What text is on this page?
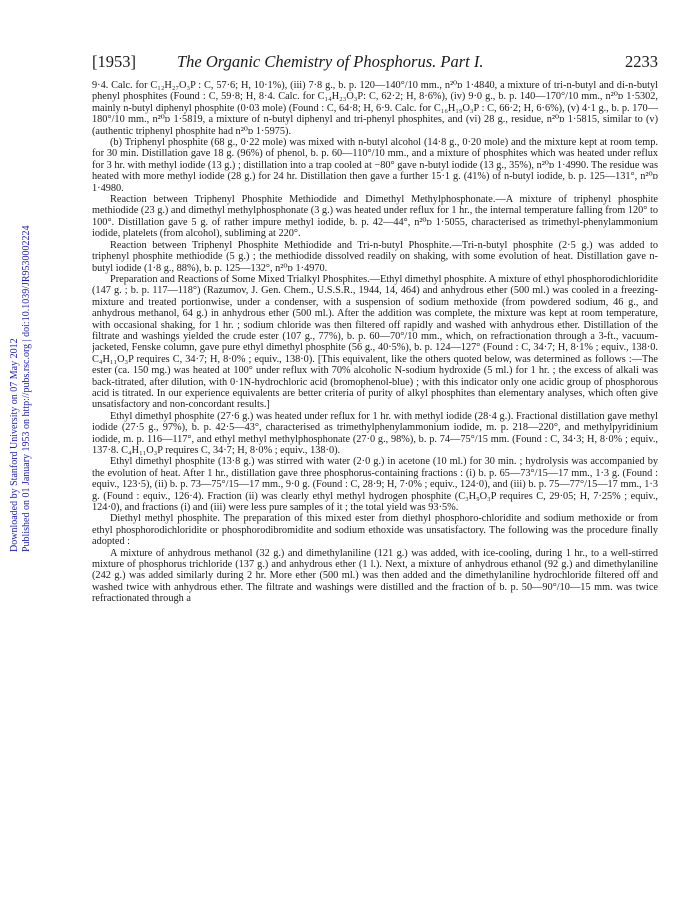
Downloaded by Stanford University on 07 May 2012 Published on 01 January 1953 on http://pubs.rsc.org | doi:10.1039/JR9530002224
[1953] The Organic Chemistry of Phosphorus. Part I.	2233

9·4. Calc. for C₁₂H₂₇O₃P : C, 57·6; H, 10·1%), (iii) 7·8 g., b. p. 120—140°/10 mm., n²⁰ᴅ 1·4840, a mixture of tri-n-butyl and di-n-butyl phenyl phosphites (Found : C, 59·8; H, 8·4. Calc. for C₁₄H₂₃O₃P: C, 62·2; H, 8·6%), (iv) 9·0 g., b. p. 140—170°/10 mm., n²⁰ᴅ 1·5302, mainly n-butyl diphenyl phosphite (0·03 mole) (Found : C, 64·8; H, 6·9. Calc. for C₁₆H₁₉O₃P : C, 66·2; H, 6·6%), (v) 4·1 g., b. p. 170—180°/10 mm., n²⁰ᴅ 1·5819, a mixture of n-butyl diphenyl and tri-phenyl phosphites, and (vi) 28 g., residue, n²⁰ᴅ 1·5815, similar to (v) (authentic triphenyl phosphite had n²⁰ᴅ 1·5975).

(b) Triphenyl phosphite (68 g., 0·22 mole) was mixed with n-butyl alcohol (14·8 g., 0·20 mole) and the mixture kept at room temp. for 30 min. Distillation gave 18 g. (96%) of phenol, b. p. 60—110°/10 mm., and a mixture of phosphites which was heated under reflux for 3 hr. with methyl iodide (13 g.) ; distillation into a trap cooled at −80° gave n-butyl iodide (13 g., 35%), n²⁰ᴅ 1·4990. The residue was heated with more methyl iodide (28 g.) for 24 hr. Distillation then gave a further 15·1 g. (41%) of n-butyl iodide, b. p. 125—131°, n²⁰ᴅ 1·4980.

Reaction between Triphenyl Phosphite Methiodide and Dimethyl Methylphosphonate.—A mixture of triphenyl phosphite methiodide (23 g.) and dimethyl methylphosphonate (3 g.) was heated under reflux for 1 hr., the internal temperature falling from 120° to 100°. Distillation gave 5 g. of rather impure methyl iodide, b. p. 42—44°, n²⁰ᴅ 1·5055, characterised as trimethyl-phenylammonium iodide, platelets (from alcohol), subliming at 220°.

Reaction between Triphenyl Phosphite Methiodide and Tri-n-butyl Phosphite.—Tri-n-butyl phosphite (2·5 g.) was added to triphenyl phosphite methiodide (5 g.) ; the methiodide dissolved readily on shaking, with some evolution of heat. Distillation gave n-butyl iodide (1·8 g., 88%), b. p. 125—132°, n²⁰ᴅ 1·4970.

Preparation and Reactions of Some Mixed Trialkyl Phosphites.—Ethyl dimethyl phosphite. A mixture of ethyl phosphorodichloridite (147 g. ; b. p. 117—118°) (Razumov, J. Gen. Chem., U.S.S.R., 1944, 14, 464) and anhydrous ether (500 ml.) was cooled in a freezing-mixture and treated portionwise, under a condenser, with a suspension of sodium methoxide (from powdered sodium, 46 g., and anhydrous methanol, 64 g.) in anhydrous ether (500 ml.). After the addition was complete, the mixture was kept at room temperature, with occasional shaking, for 1 hr. ; sodium chloride was then filtered off rapidly and washed with anhydrous ether. Distillation of the filtrate and washings yielded the crude ester (107 g., 77%), b. p. 60—70°/10 mm., which, on refractionation through a 3-ft., vacuum-jacketed, Fenske column, gave pure ethyl dimethyl phosphite (56 g., 40·5%), b. p. 124—127° (Found : C, 34·7; H, 8·1% ; equiv., 138·0. C₄H₁₁O₃P requires C, 34·7; H, 8·0% ; equiv., 138·0). [This equivalent, like the others quoted below, was determined as follows :—The ester (ca. 150 mg.) was heated at 100° under reflux with 70% alcoholic N-sodium hydroxide (5 ml.) for 1 hr. ; the excess of alkali was back-titrated, after dilution, with 0·1N-hydrochloric acid (bromophenol-blue) ; with this indicator only one acidic group of phosphorous acid is titrated. In our experience equivalents are better criteria of purity of alkyl phosphites than elementary analyses, which often give unsatisfactory and non-concordant results.]

Ethyl dimethyl phosphite (27·6 g.) was heated under reflux for 1 hr. with methyl iodide (28·4 g.). Fractional distillation gave methyl iodide (27·5 g., 97%), b. p. 42·5—43°, characterised as trimethylphenylammonium iodide, m. p. 218—220°, and methylpyridinium iodide, m. p. 116—117°, and ethyl methyl methylphosphonate (27·0 g., 98%), b. p. 74—75°/15 mm. (Found : C, 34·3; H, 8·0% ; equiv., 137·8. C₄H₁₁O₃P requires C, 34·7; H, 8·0% ; equiv., 138·0).

Ethyl dimethyl phosphite (13·8 g.) was stirred with water (2·0 g.) in acetone (10 ml.) for 30 min. ; hydrolysis was accompanied by the evolution of heat. After 1 hr., distillation gave three phosphorus-containing fractions : (i) b. p. 65—73°/15—17 mm., 1·3 g. (Found : equiv., 123·5), (ii) b. p. 73—75°/15—17 mm., 9·0 g. (Found : C, 28·9; H, 7·0% ; equiv., 124·0), and (iii) b. p. 75—77°/15—17 mm., 1·3 g. (Found : equiv., 126·4). Fraction (ii) was clearly ethyl methyl hydrogen phosphite (C₃H₉O₃P requires C, 29·05; H, 7·25% ; equiv., 124·0), and fractions (i) and (iii) were less pure samples of it ; the total yield was 93·5%.

Diethyl methyl phosphite. The preparation of this mixed ester from diethyl phosphoro-chloridite and sodium methoxide or from ethyl phosphorodichloridite or phosphorodibromidite and sodium ethoxide was unsatisfactory. The following was the procedure finally adopted :

A mixture of anhydrous methanol (32 g.) and dimethylaniline (121 g.) was added, with ice-cooling, during 1 hr., to a well-stirred mixture of phosphorus trichloride (137 g.) and anhydrous ether (1 l.). Next, a mixture of anhydrous ethanol (92 g.) and dimethylaniline (242 g.) was added similarly during 2 hr. More ether (500 ml.) was then added and the dimethylaniline hydrochloride filtered off and washed twice with anhydrous ether. The filtrate and washings were distilled and the fraction of b. p. 50—90°/10—15 mm. was twice refractionated through a
